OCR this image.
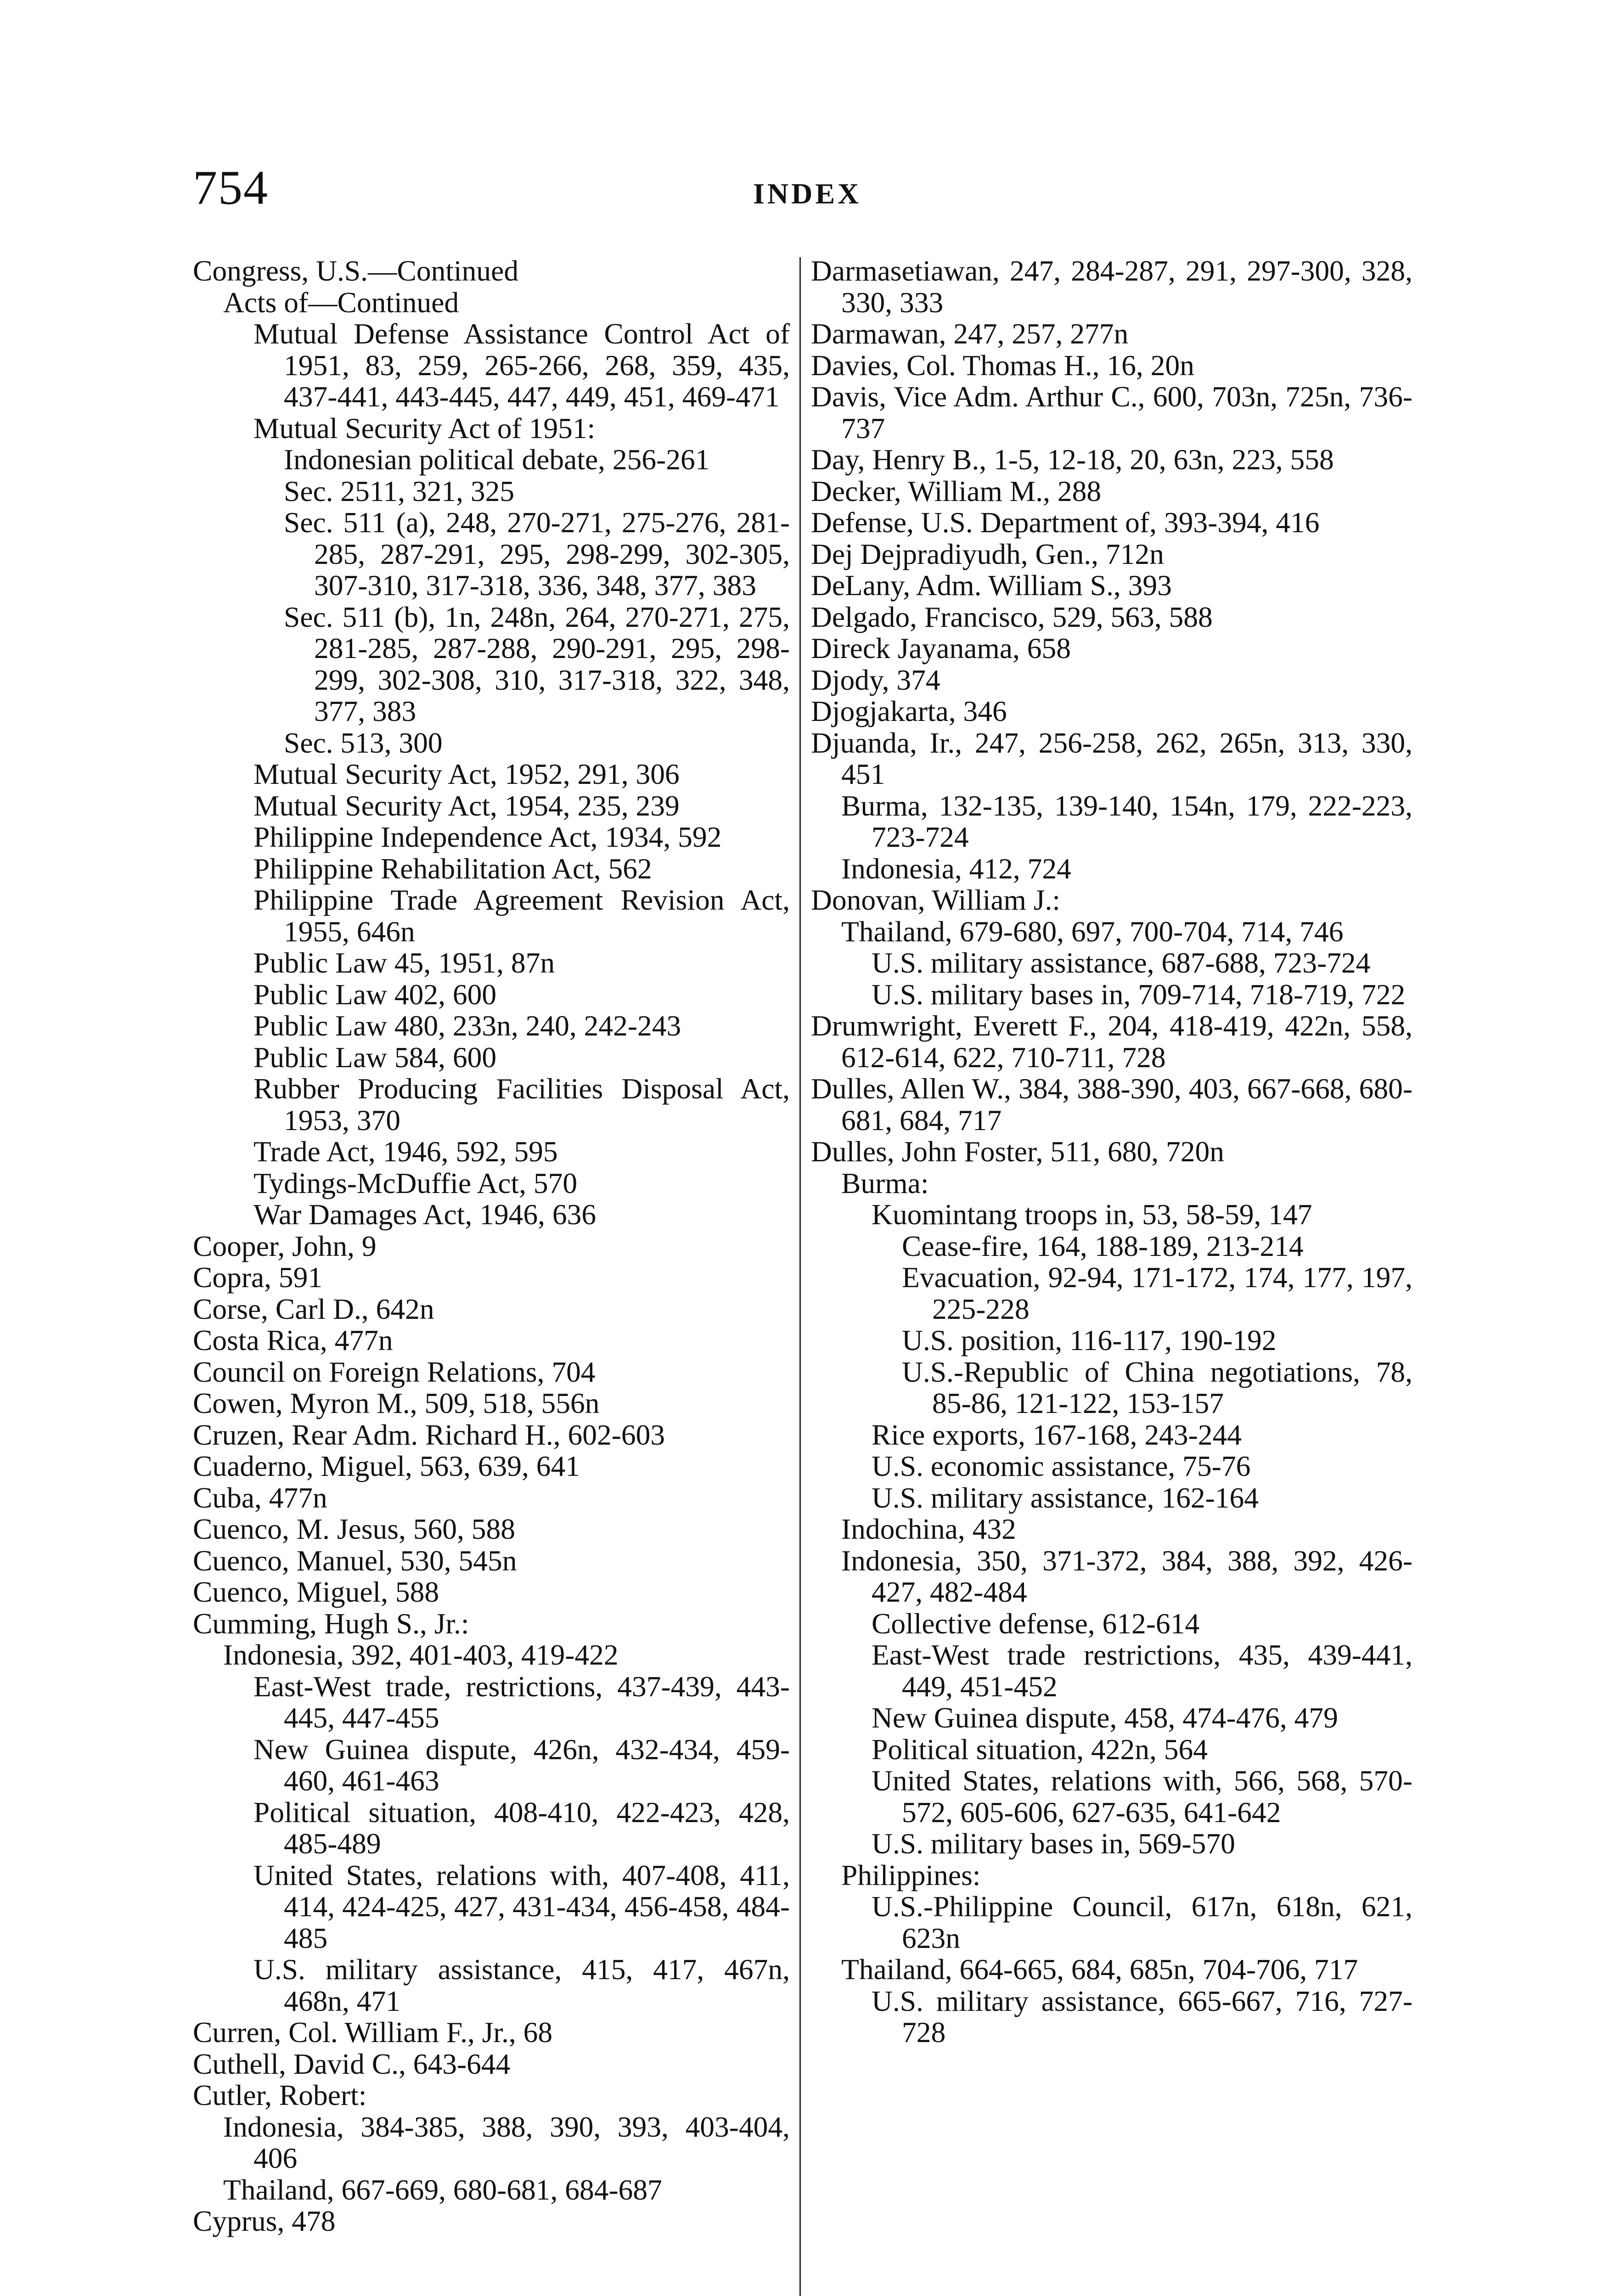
754	INDEX
Congress, U.S.—Continued
Acts of—Continued
Mutual Defense Assistance Control Act of 1951, 83, 259, 265-266, 268, 359, 435, 437-441, 443-445, 447, 449, 451, 469-471
Mutual Security Act of 1951:
Indonesian political debate, 256-261
Sec. 2511, 321, 325
Sec. 511 (a), 248, 270-271, 275-276, 281-285, 287-291, 295, 298-299, 302-305, 307-310, 317-318, 336, 348, 377, 383
Sec. 511 (b), 1n, 248n, 264, 270-271, 275, 281-285, 287-288, 290-291, 295, 298-299, 302-308, 310, 317-318, 322, 348, 377, 383
Sec. 513, 300
Mutual Security Act, 1952, 291, 306
Mutual Security Act, 1954, 235, 239
Philippine Independence Act, 1934, 592
Philippine Rehabilitation Act, 562
Philippine Trade Agreement Revision Act, 1955, 646n
Public Law 45, 1951, 87n
Public Law 402, 600
Public Law 480, 233n, 240, 242-243
Public Law 584, 600
Rubber Producing Facilities Disposal Act, 1953, 370
Trade Act, 1946, 592, 595
Tydings-McDuffie Act, 570
War Damages Act, 1946, 636
Cooper, John, 9
Copra, 591
Corse, Carl D., 642n
Costa Rica, 477n
Council on Foreign Relations, 704
Cowen, Myron M., 509, 518, 556n
Cruzen, Rear Adm. Richard H., 602-603
Cuaderno, Miguel, 563, 639, 641
Cuba, 477n
Cuenco, M. Jesus, 560, 588
Cuenco, Manuel, 530, 545n
Cuenco, Miguel, 588
Cumming, Hugh S., Jr.:
Indonesia, 392, 401-403, 419-422
East-West trade, restrictions, 437-439, 443-445, 447-455
New Guinea dispute, 426n, 432-434, 459-460, 461-463
Political situation, 408-410, 422-423, 428, 485-489
United States, relations with, 407-408, 411, 414, 424-425, 427, 431-434, 456-458, 484-485
U.S. military assistance, 415, 417, 467n, 468n, 471
Curren, Col. William F., Jr., 68
Cuthell, David C., 643-644
Cutler, Robert:
Indonesia, 384-385, 388, 390, 393, 403-404, 406
Thailand, 667-669, 680-681, 684-687
Cyprus, 478
Darmasetiawan, 247, 284-287, 291, 297-300, 328, 330, 333
Darmawan, 247, 257, 277n
Davies, Col. Thomas H., 16, 20n
Davis, Vice Adm. Arthur C., 600, 703n, 725n, 736-737
Day, Henry B., 1-5, 12-18, 20, 63n, 223, 558
Decker, William M., 288
Defense, U.S. Department of, 393-394, 416
Dej Dejpradiyudh, Gen., 712n
DeLany, Adm. William S., 393
Delgado, Francisco, 529, 563, 588
Direck Jayanama, 658
Djody, 374
Djogjakarta, 346
Djuanda, Ir., 247, 256-258, 262, 265n, 313, 330, 451
Burma, 132-135, 139-140, 154n, 179, 222-223, 723-724
Indonesia, 412, 724
Donovan, William J.:
Thailand, 679-680, 697, 700-704, 714, 746
U.S. military assistance, 687-688, 723-724
U.S. military bases in, 709-714, 718-719, 722
Drumwright, Everett F., 204, 418-419, 422n, 558, 612-614, 622, 710-711, 728
Dulles, Allen W., 384, 388-390, 403, 667-668, 680-681, 684, 717
Dulles, John Foster, 511, 680, 720n
Burma:
Kuomintang troops in, 53, 58-59, 147
Cease-fire, 164, 188-189, 213-214
Evacuation, 92-94, 171-172, 174, 177, 197, 225-228
U.S. position, 116-117, 190-192
U.S.-Republic of China negotiations, 78, 85-86, 121-122, 153-157
Rice exports, 167-168, 243-244
U.S. economic assistance, 75-76
U.S. military assistance, 162-164
Indochina, 432
Indonesia, 350, 371-372, 384, 388, 392, 426-427, 482-484
Collective defense, 612-614
East-West trade restrictions, 435, 439-441, 449, 451-452
New Guinea dispute, 458, 474-476, 479
Political situation, 422n, 564
United States, relations with, 566, 568, 570-572, 605-606, 627-635, 641-642
U.S. military bases in, 569-570
Philippines:
U.S.-Philippine Council, 617n, 618n, 621, 623n
Thailand, 664-665, 684, 685n, 704-706, 717
U.S. military assistance, 665-667, 716, 727-728
